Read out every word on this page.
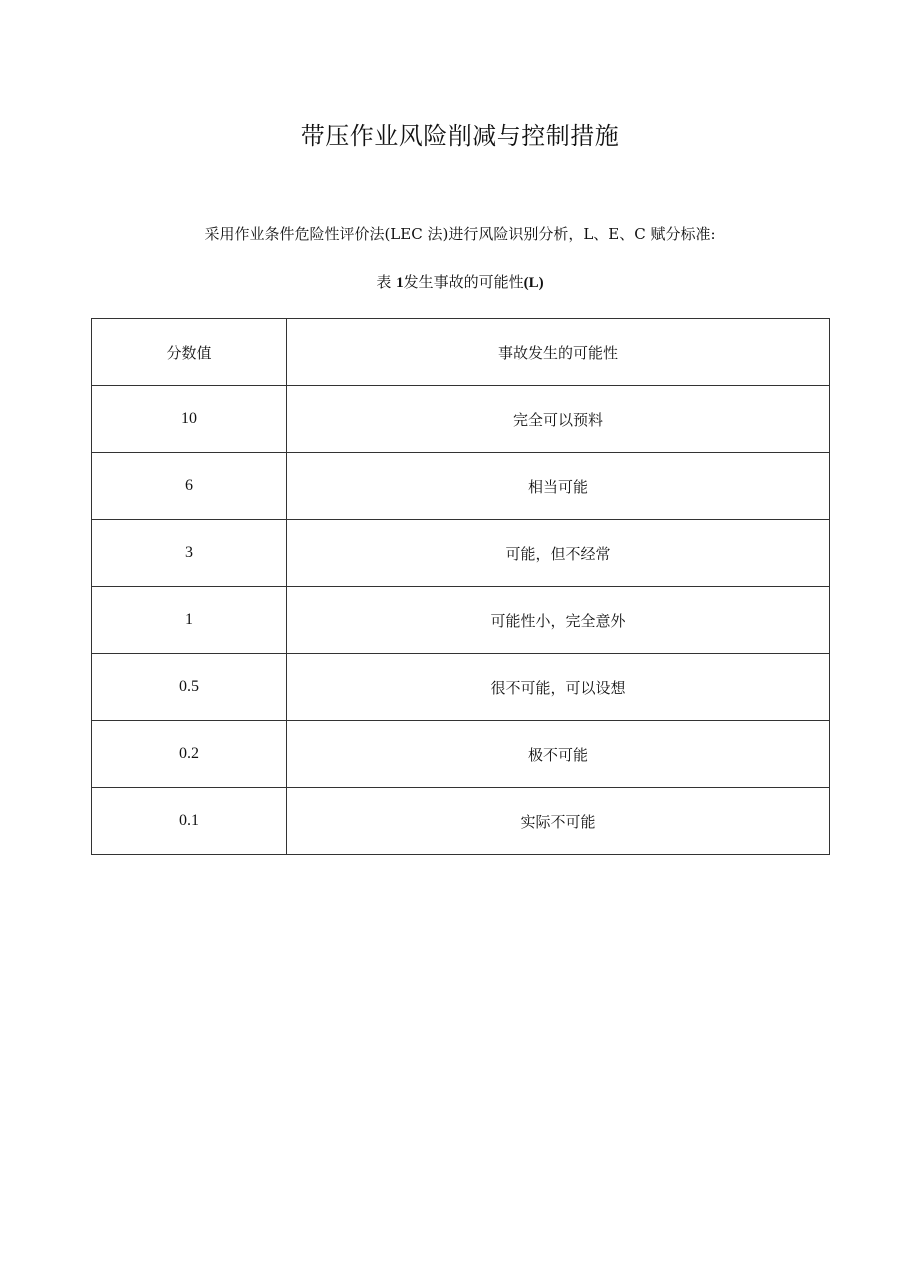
带压作业风险削减与控制措施
采用作业条件危险性评价法(LEC 法)进行风险识别分析，L、E、C 赋分标准:
表 1发生事故的可能性(L)
分数值	事故发生的可能性
10	完全可以预料
6	相当可能
3	可能，但不经常
1	可能性小，完全意外
0.5	很不可能，可以设想
0.2	极不可能
0.1	实际不可能
